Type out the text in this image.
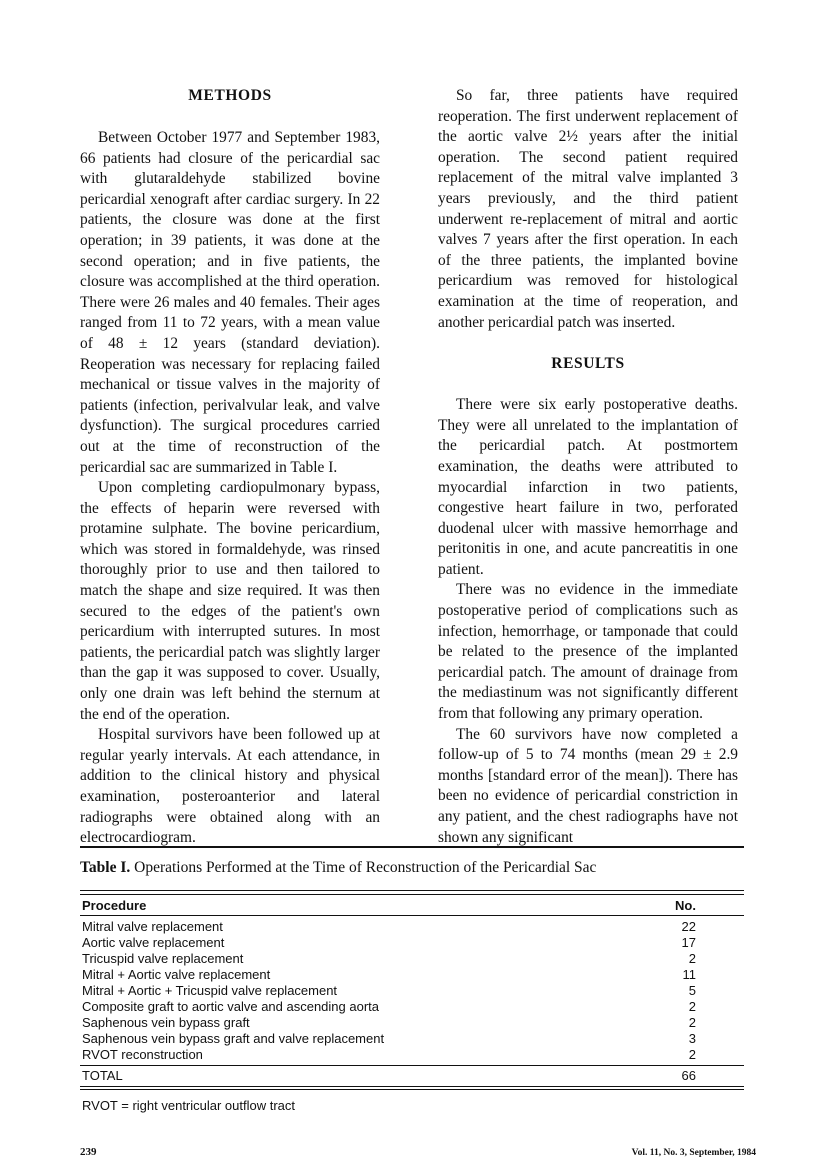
METHODS

Between October 1977 and September 1983, 66 patients had closure of the pericardial sac with glutaraldehyde stabilized bovine pericardial xenograft after cardiac surgery. In 22 patients, the closure was done at the first operation; in 39 patients, it was done at the second operation; and in five patients, the closure was accomplished at the third operation. There were 26 males and 40 females. Their ages ranged from 11 to 72 years, with a mean value of 48 ± 12 years (standard deviation). Reoperation was necessary for replacing failed mechanical or tissue valves in the majority of patients (infection, perivalvular leak, and valve dysfunction). The surgical procedures carried out at the time of reconstruction of the pericardial sac are summarized in Table I.

Upon completing cardiopulmonary bypass, the effects of heparin were reversed with protamine sulphate. The bovine pericardium, which was stored in formaldehyde, was rinsed thoroughly prior to use and then tailored to match the shape and size required. It was then secured to the edges of the patient's own pericardium with interrupted sutures. In most patients, the pericardial patch was slightly larger than the gap it was supposed to cover. Usually, only one drain was left behind the sternum at the end of the operation.

Hospital survivors have been followed up at regular yearly intervals. At each attendance, in addition to the clinical history and physical examination, posteroanterior and lateral radiographs were obtained along with an electrocardiogram.

So far, three patients have required reoperation. The first underwent replacement of the aortic valve 2½ years after the initial operation. The second patient required replacement of the mitral valve implanted 3 years previously, and the third patient underwent re-replacement of mitral and aortic valves 7 years after the first operation. In each of the three patients, the implanted bovine pericardium was removed for histological examination at the time of reoperation, and another pericardial patch was inserted.

RESULTS

There were six early postoperative deaths. They were all unrelated to the implantation of the pericardial patch. At postmortem examination, the deaths were attributed to myocardial infarction in two patients, congestive heart failure in two, perforated duodenal ulcer with massive hemorrhage and peritonitis in one, and acute pancreatitis in one patient.

There was no evidence in the immediate postoperative period of complications such as infection, hemorrhage, or tamponade that could be related to the presence of the implanted pericardial patch. The amount of drainage from the mediastinum was not significantly different from that following any primary operation.

The 60 survivors have now completed a follow-up of 5 to 74 months (mean 29 ± 2.9 months [standard error of the mean]). There has been no evidence of pericardial constriction in any patient, and the chest radiographs have not shown any significant

Table I. Operations Performed at the Time of Reconstruction of the Pericardial Sac
Procedure	No.
Mitral valve replacement	22
Aortic valve replacement	17
Tricuspid valve replacement	2
Mitral + Aortic valve replacement	11
Mitral + Aortic + Tricuspid valve replacement	5
Composite graft to aortic valve and ascending aorta	2
Saphenous vein bypass graft	2
Saphenous vein bypass graft and valve replacement	3
RVOT reconstruction	2
TOTAL	66
RVOT = right ventricular outflow tract
239	Vol. 11, No. 3, September, 1984
